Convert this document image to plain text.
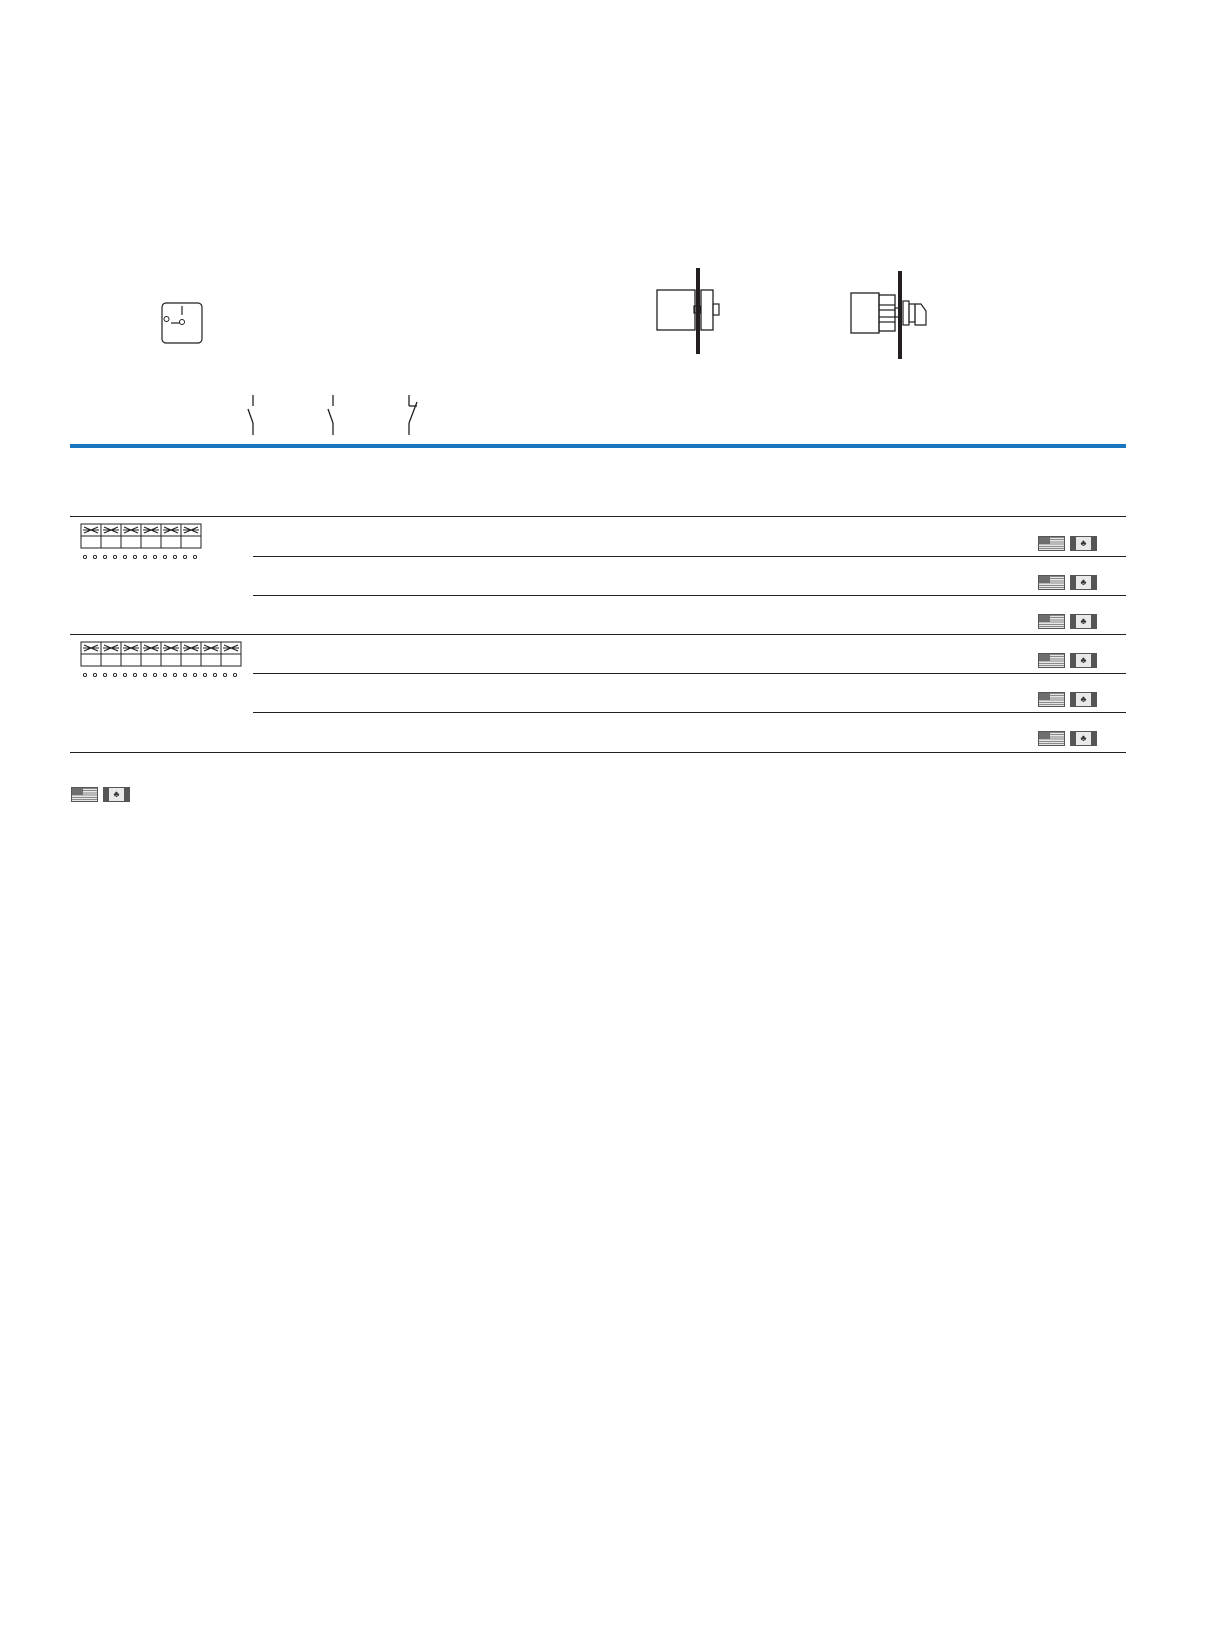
♣
♣
♣
♣
♣
♣
♣
